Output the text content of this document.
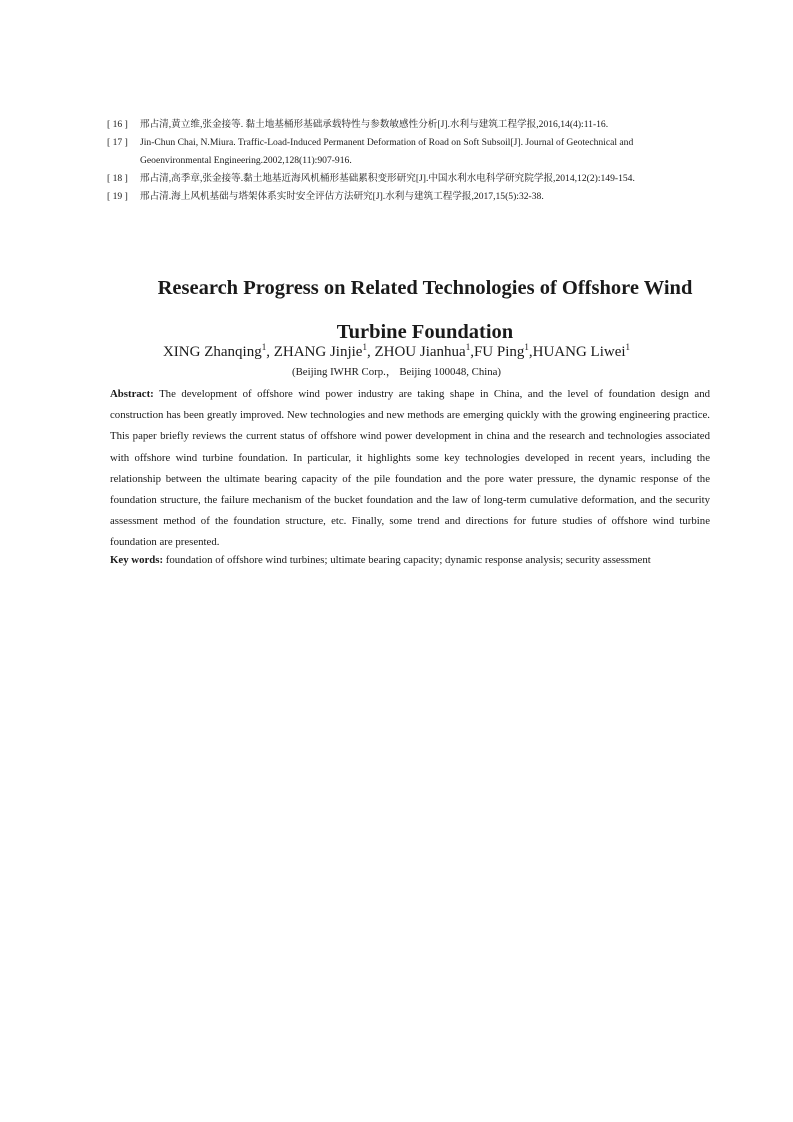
[ 16 ]	邢占清,黄立维,张金接等. 黏土地基桶形基础承载特性与参数敏感性分析[J].水利与建筑工程学报,2016,14(4):11-16.
[ 17 ]	Jin-Chun Chai, N.Miura. Traffic-Load-Induced Permanent Deformation of Road on Soft Subsoil[J]. Journal of Geotechnical and Geoenvironmental Engineering.2002,128(11):907-916.
[ 18 ]	邢占清,高季章,张金接等.黏土地基近海风机桶形基础累积变形研究[J].中国水利水电科学研究院学报,2014,12(2):149-154.
[ 19 ]	邢占清.海上风机基础与塔架体系实时安全评估方法研究[J].水利与建筑工程学报,2017,15(5):32-38.
Research Progress on Related Technologies of Offshore Wind
Turbine Foundation
XING Zhanqing$^1$, ZHANG Jinjie$^1$, ZHOU Jianhua$^1$,FU Ping$^1$,HUANG Liwei$^1$
(Beijing IWHR Corp.， Beijing 100048, China)
Abstract: The development of offshore wind power industry are taking shape in China, and the level of foundation design and construction has been greatly improved. New technologies and new methods are emerging quickly with the growing engineering practice. This paper briefly reviews the current status of offshore wind power development in china and the research and technologies associated with offshore wind turbine foundation. In particular, it highlights some key technologies developed in recent years, including the relationship between the ultimate bearing capacity of the pile foundation and the pore water pressure, the dynamic response of the foundation structure, the failure mechanism of the bucket foundation and the law of long-term cumulative deformation, and the security assessment method of the foundation structure, etc. Finally, some trend and directions for future studies of offshore wind turbine foundation are presented.
Key words: foundation of offshore wind turbines; ultimate bearing capacity; dynamic response analysis; security assessment
